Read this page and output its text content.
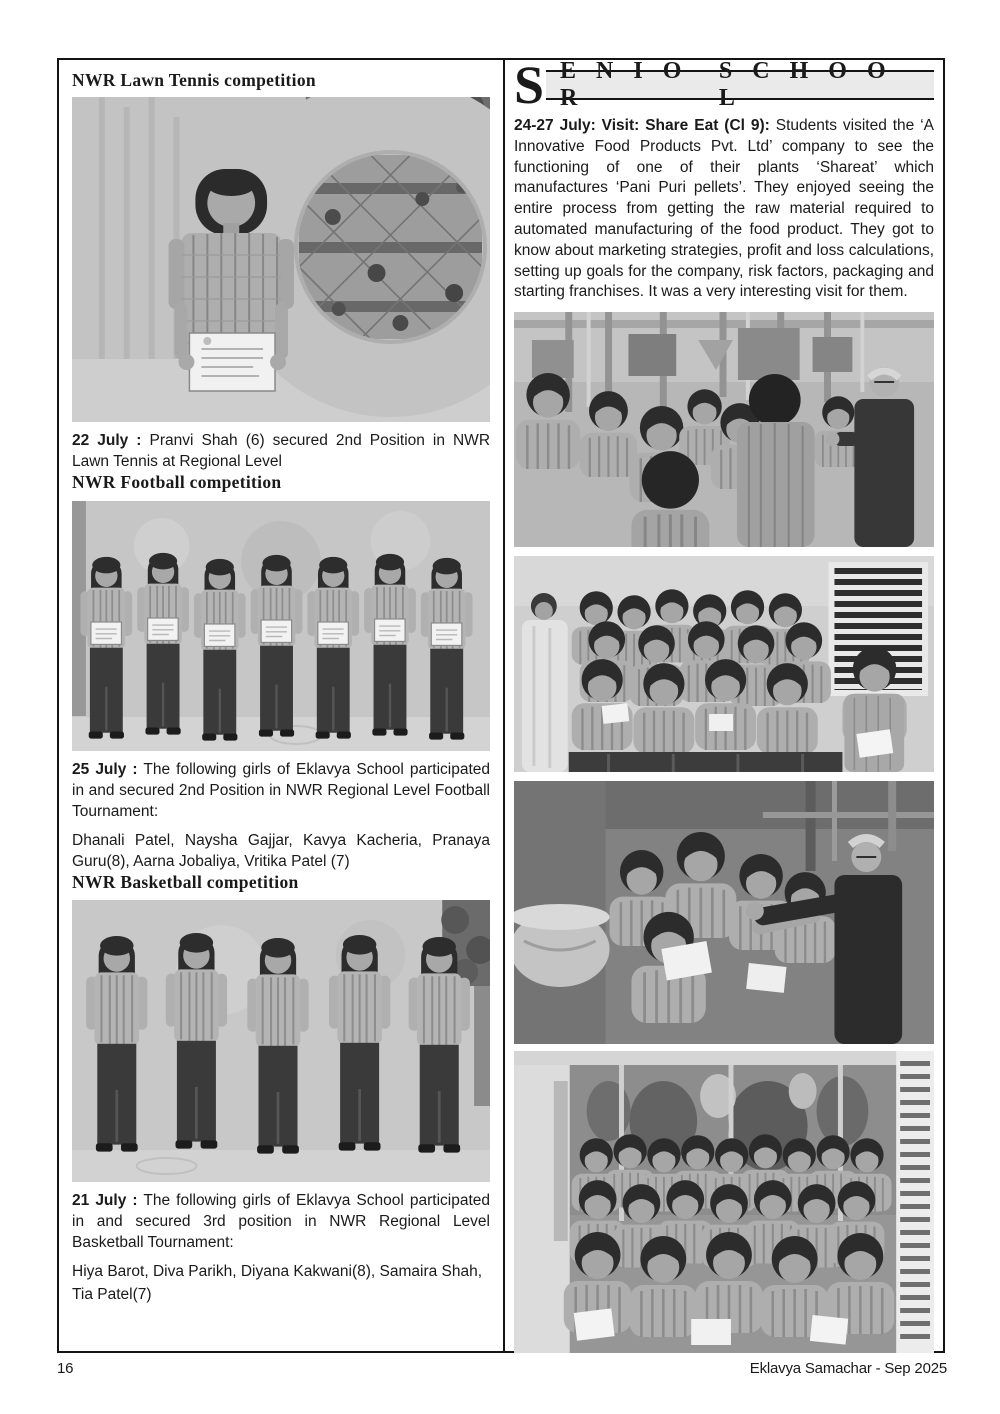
NWR Lawn Tennis competition

22 July : Pranvi Shah (6) secured 2nd Position in NWR Lawn Tennis at Regional Level

NWR Football competition

25 July : The following girls of Eklavya School participated in and secured 2nd Position in NWR Regional Level Football Tournament:

Dhanali Patel, Naysha Gajjar, Kavya Kacheria, Pranaya Guru(8), Aarna Jobaliya, Vritika Patel (7)

NWR Basketball competition

21 July : The following girls of Eklavya School participated in and secured 3rd position in NWR Regional Level Basketball Tournament:

Hiya Barot, Diva Parikh, Diyana Kakwani(8), Samaira Shah,
Tia Patel(7)

S E N I O R
S C H O O L

24-27 July: Visit: Share Eat (Cl 9): Students visited the ‘A Innovative Food Products Pvt. Ltd’ company to see the functioning of one of their plants ‘Shareat’ which manufactures ‘Pani Puri pellets’. They enjoyed seeing the entire process from getting the raw material required to automated manufacturing of the food product. They got to know about marketing strategies, profit and loss calculations, setting up goals for the company, risk factors, packaging and starting franchises. It was a very interesting visit for them.

16	Eklavya Samachar - Sep 2025
